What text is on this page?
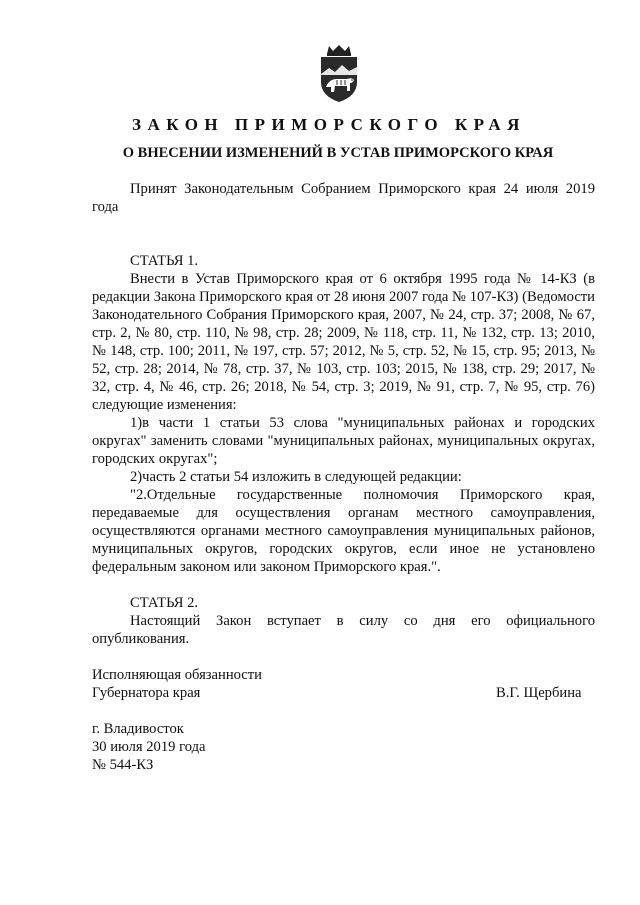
ЗАКОН ПРИМОРСКОГО КРАЯ
О ВНЕСЕНИИ ИЗМЕНЕНИЙ В УСТАВ ПРИМОРСКОГО КРАЯ

Принят Законодательным Собранием Приморского края 24 июля 2019 года

СТАТЬЯ 1.

Внести в Устав Приморского края от 6 октября 1995 года № 14-КЗ (в редакции Закона Приморского края от 28 июня 2007 года № 107-КЗ) (Ведомости Законодательного Собрания Приморского края, 2007, № 24, стр. 37; 2008, № 67, стр. 2, № 80, стр. 110, № 98, стр. 28; 2009, № 118, стр. 11, № 132, стр. 13; 2010, № 148, стр. 100; 2011, № 197, стр. 57; 2012, № 5, стр. 52, № 15, стр. 95; 2013, № 52, стр. 28; 2014, № 78, стр. 37, № 103, стр. 103; 2015, № 138, стр. 29; 2017, № 32, стр. 4, № 46, стр. 26; 2018, № 54, стр. 3; 2019, № 91, стр. 7, № 95, стр. 76) следующие изменения:

1)в части 1 статьи 53 слова "муниципальных районах и городских округах" заменить словами "муниципальных районах, муниципальных округах, городских округах";

2)часть 2 статьи 54 изложить в следующей редакции:

"2.Отдельные государственные полномочия Приморского края, передаваемые для осуществления органам местного самоуправления, осуществляются органами местного самоуправления муниципальных районов, муниципальных округов, городских округов, если иное не установлено федеральным законом или законом Приморского края.".

СТАТЬЯ 2.

Настоящий Закон вступает в силу со дня его официального опубликования.

Исполняющая обязанности
Губернатора края	В.Г. Щербина
г. Владивосток
30 июля 2019 года
№ 544-КЗ
